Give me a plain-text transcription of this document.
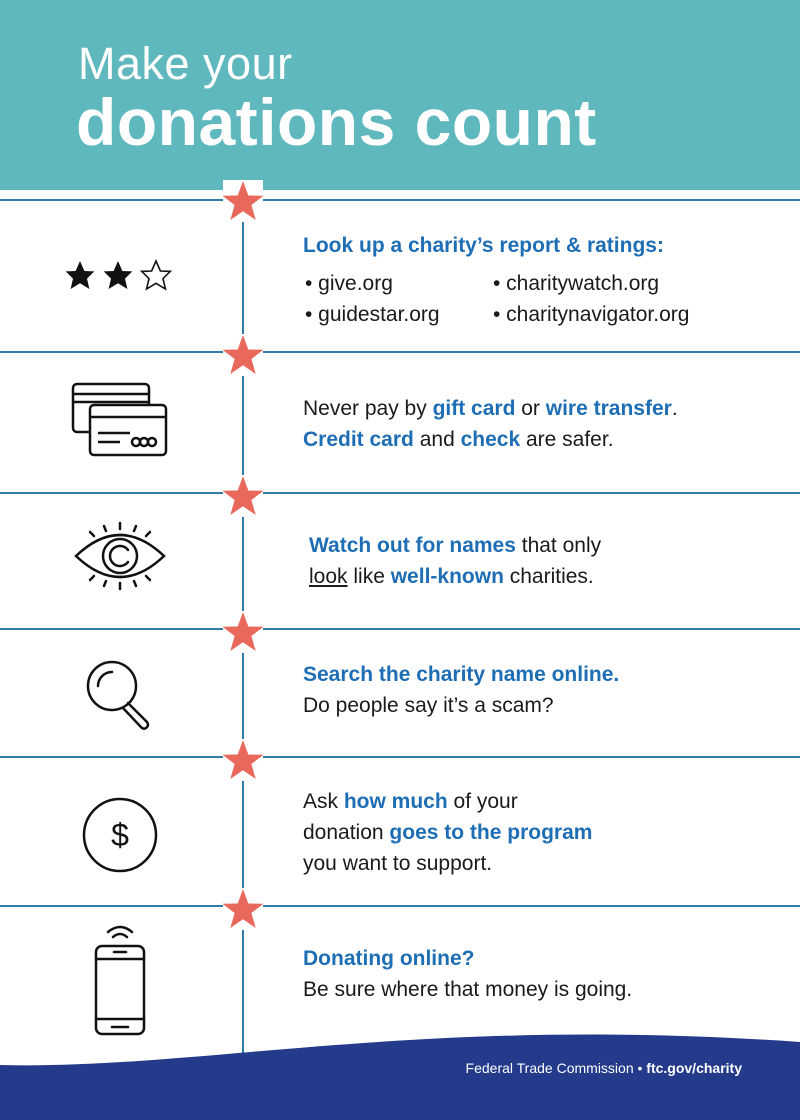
Make your
donations count
Look up a charity’s report & ratings:
• give.org
• guidestar.org
• charitywatch.org
• charitynavigator.org
Never pay by gift card or wire transfer.
Credit card and check are safer.
Watch out for names that only
look like well-known charities.
Search the charity name online.
Do people say it’s a scam?
$
Ask how much of your
donation goes to the program
you want to support.
Donating online?
Be sure where that money is going.
Federal Trade Commission • ftc.gov/charity
